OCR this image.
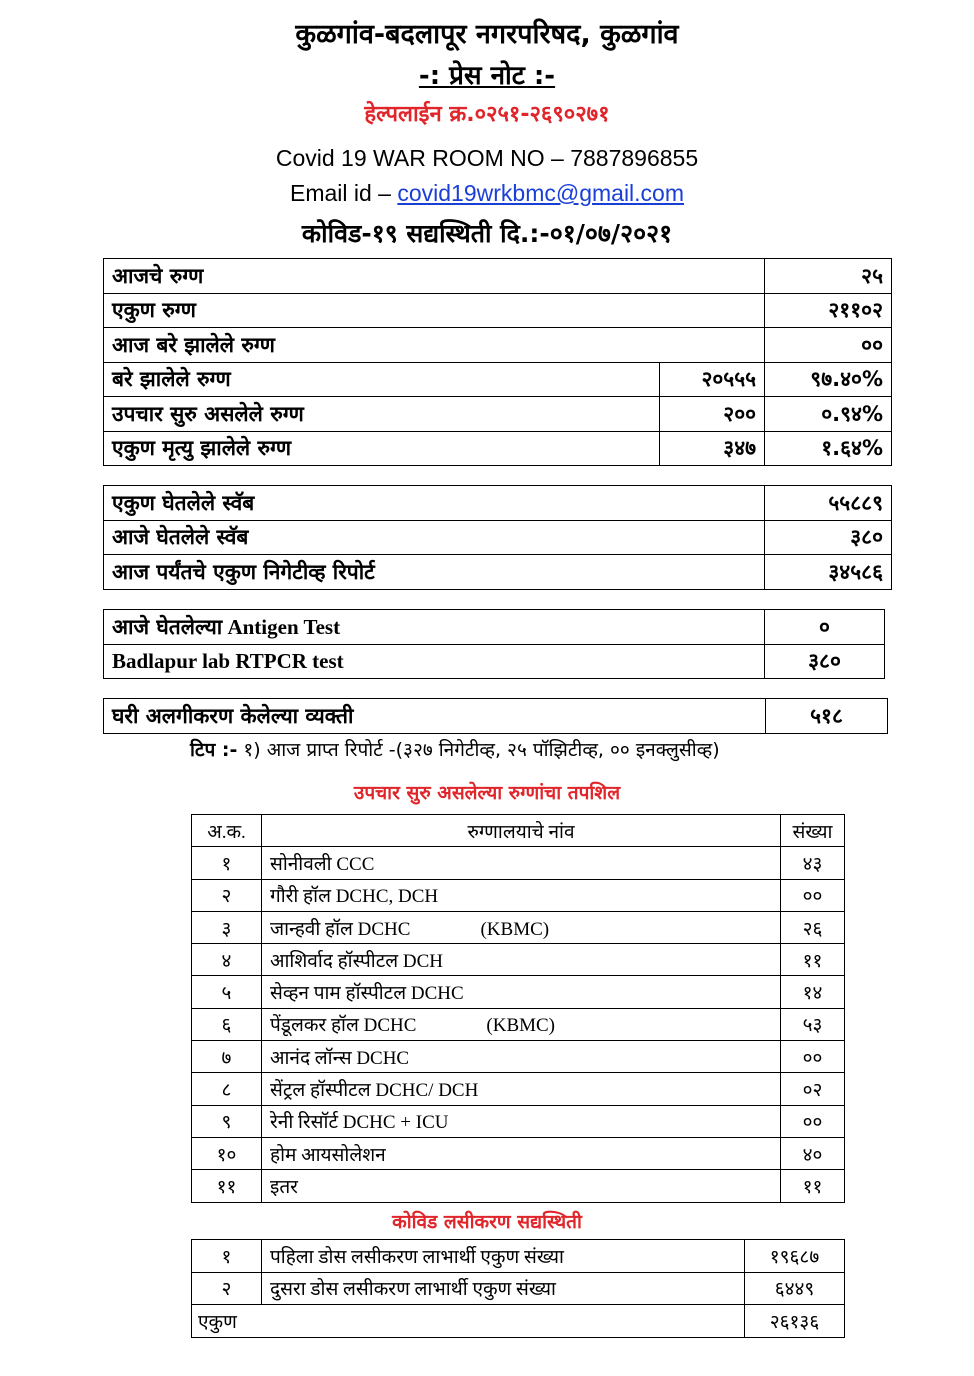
कुळगांव-बदलापूर नगरपरिषद, कुळगांव
-: प्रेस नोट :-
हेल्पलाईन क्र.०२५१-२६९०२७१
Covid 19 WAR ROOM NO – 7887896855
Email id – covid19wrkbmc@gmail.com
कोविड-१९ सद्यस्थिती दि.:-०१/०७/२०२१
आजचे रुग्ण		२५
एकुण रुग्ण		२११०२
आज बरे झालेले रुग्ण		००
बरे झालेले रुग्ण	२०५५५	९७.४०%
उपचार सुरु असलेले रुग्ण	२००	०.९४%
एकुण मृत्यु झालेले रुग्ण	३४७	१.६४%
एकुण घेतलेले स्वॅब	५५८८९
आजे घेतलेले स्वॅब	३८०
आज पर्यंतचे एकुण निगेटीव्ह रिपोर्ट	३४५८६
आजे घेतलेल्या Antigen Test	०
Badlapur lab RTPCR test	३८०
घरी अलगीकरण केलेल्या व्यक्ती	५१८
टिप :- १) आज प्राप्त रिपोर्ट -(३२७ निगेटीव्ह, २५ पॉझिटीव्ह, ०० इनक्लुसीव्ह)
उपचार सुरु असलेल्या रुग्णांचा तपशिल
अ.क.	रुग्णालयाचे नांव	संख्या
१	सोनीवली CCC	४३
२	गौरी हॉल DCHC, DCH	००
३	जान्हवी हॉल DCHC (KBMC)	२६
४	आशिर्वाद हॉस्पीटल DCH	११
५	सेव्हन पाम हॉस्पीटल DCHC	१४
६	पेंडूलकर हॉल DCHC (KBMC)	५३
७	आनंद लॉन्स DCHC	००
८	सेंट्रल हॉस्पीटल DCHC/ DCH	०२
९	रेनी रिसॉर्ट DCHC + ICU	००
१०	होम आयसोलेशन	४०
११	इतर	११
कोविड लसीकरण सद्यस्थिती
१	पहिला डोस लसीकरण लाभार्थी एकुण संख्या	१९६८७
२	दुसरा डोस लसीकरण लाभार्थी एकुण संख्या	६४४९
एकुण		२६१३६
